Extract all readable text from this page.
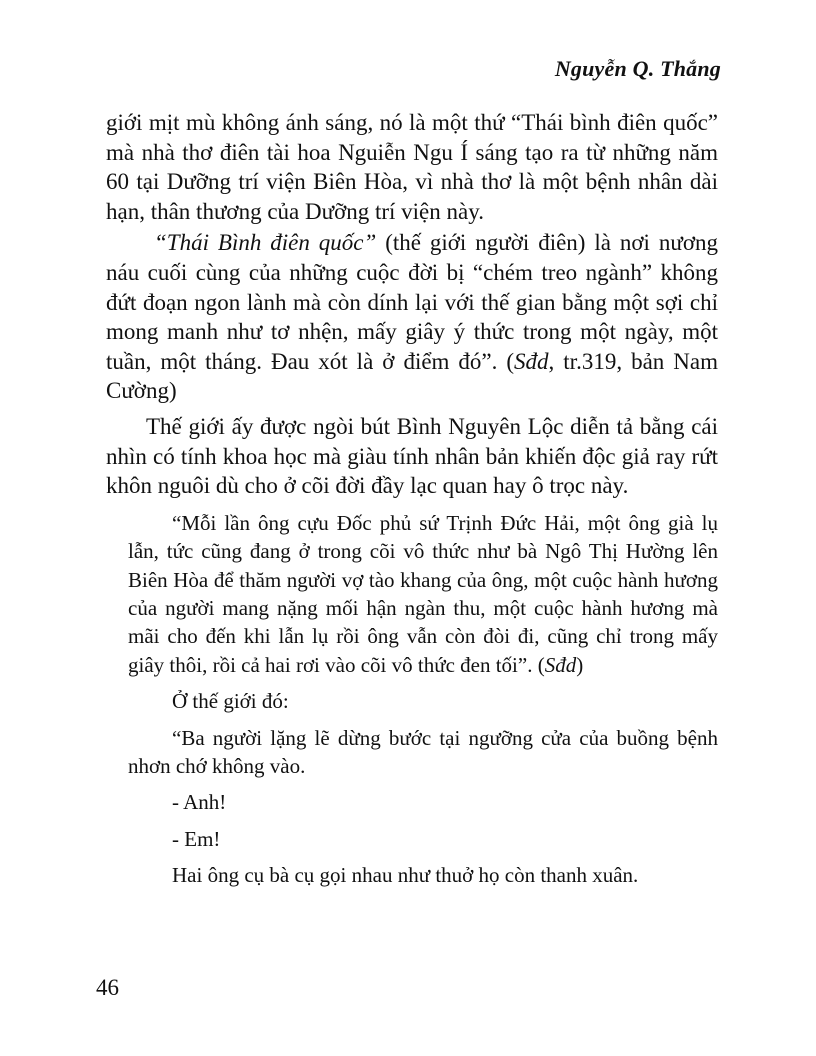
Nguyễn Q. Thắng

giới mịt mù không ánh sáng, nó là một thứ “Thái bình điên quốc” mà nhà thơ điên tài hoa Nguiễn Ngu Í sáng tạo ra từ những năm 60 tại Dưỡng trí viện Biên Hòa, vì nhà thơ là một bệnh nhân dài hạn, thân thương của Dưỡng trí viện này.

“Thái Bình điên quốc” (thế giới người điên) là nơi nương náu cuối cùng của những cuộc đời bị “chém treo ngành” không đứt đoạn ngon lành mà còn dính lại với thế gian bằng một sợi chỉ mong manh như tơ nhện, mấy giây ý thức trong một ngày, một tuần, một tháng. Đau xót là ở điểm đó”. (Sđd, tr.319, bản Nam Cường)

Thế giới ấy được ngòi bút Bình Nguyên Lộc diễn tả bằng cái nhìn có tính khoa học mà giàu tính nhân bản khiến độc giả ray rứt khôn nguôi dù cho ở cõi đời đầy lạc quan hay ô trọc này.

“Mỗi lần ông cựu Đốc phủ sứ Trịnh Đức Hải, một ông già lụ lẫn, tức cũng đang ở trong cõi vô thức như bà Ngô Thị Hường lên Biên Hòa để thăm người vợ tào khang của ông, một cuộc hành hương của người mang nặng mối hận ngàn thu, một cuộc hành hương mà mãi cho đến khi lẫn lụ rồi ông vẫn còn đòi đi, cũng chỉ trong mấy giây thôi, rồi cả hai rơi vào cõi vô thức đen tối”. (Sđd)

Ở thế giới đó:

“Ba người lặng lẽ dừng bước tại ngưỡng cửa của buồng bệnh nhơn chớ không vào.

- Anh!

- Em!

Hai ông cụ bà cụ gọi nhau như thuở họ còn thanh xuân.

46
